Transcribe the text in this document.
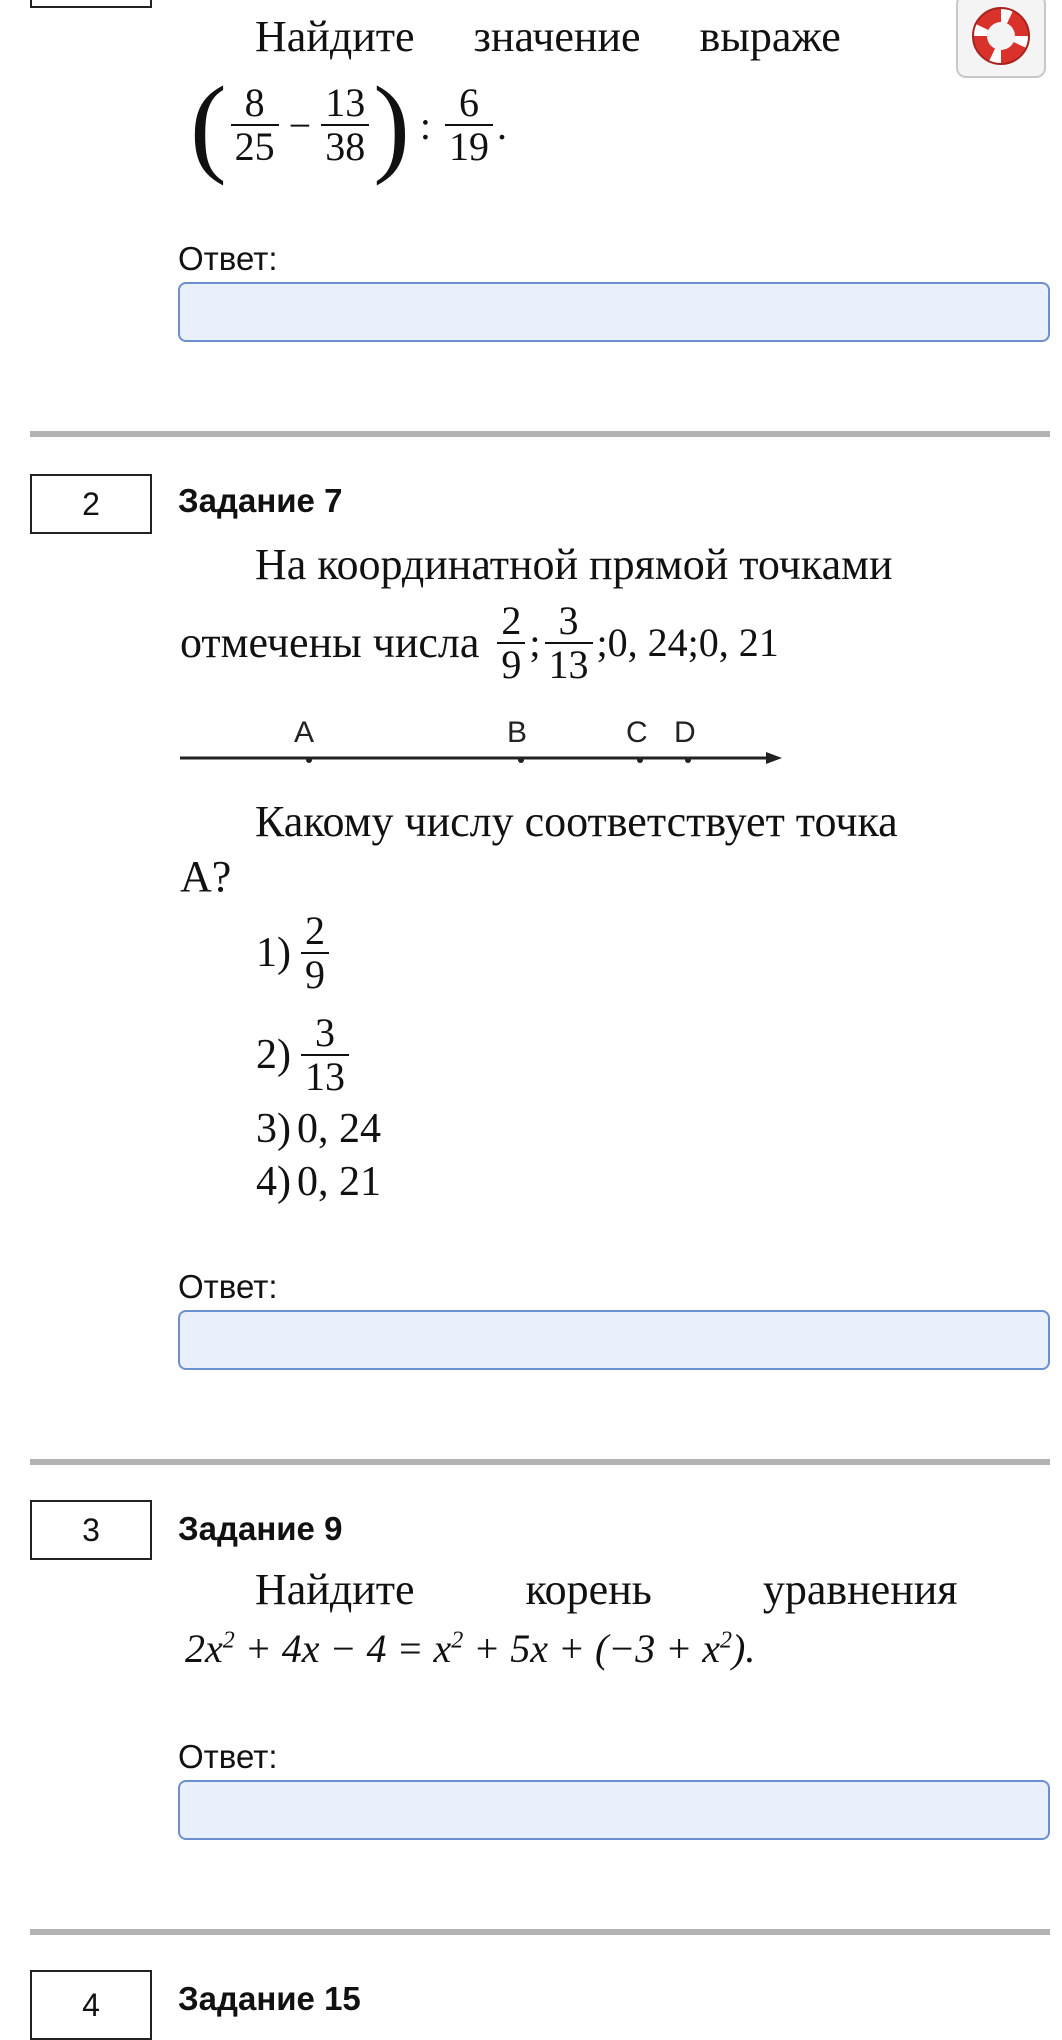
Найдите значение выраже
( $\frac{8}{25} - \frac{13}{38}$ ) : $\frac{6}{19}$ .
Ответ:
2 Задание 7
На координатной прямой точками
отмечены числа $\frac{2}{9}$ ; $\frac{3}{13}$ ;0, 24;0, 21
A	B	C D
Какому числу соответствует точка
A?
$1) \frac{2}{9}$
$2) \frac{3}{13}$
3) 0, 24
4) 0, 21
Ответ:
3 Задание 9
Найдите корень уравнения
$2x^2 + 4x - 4 = x^2 + 5x + (-3 + x^2)$.
Ответ:
4 Задание 15
